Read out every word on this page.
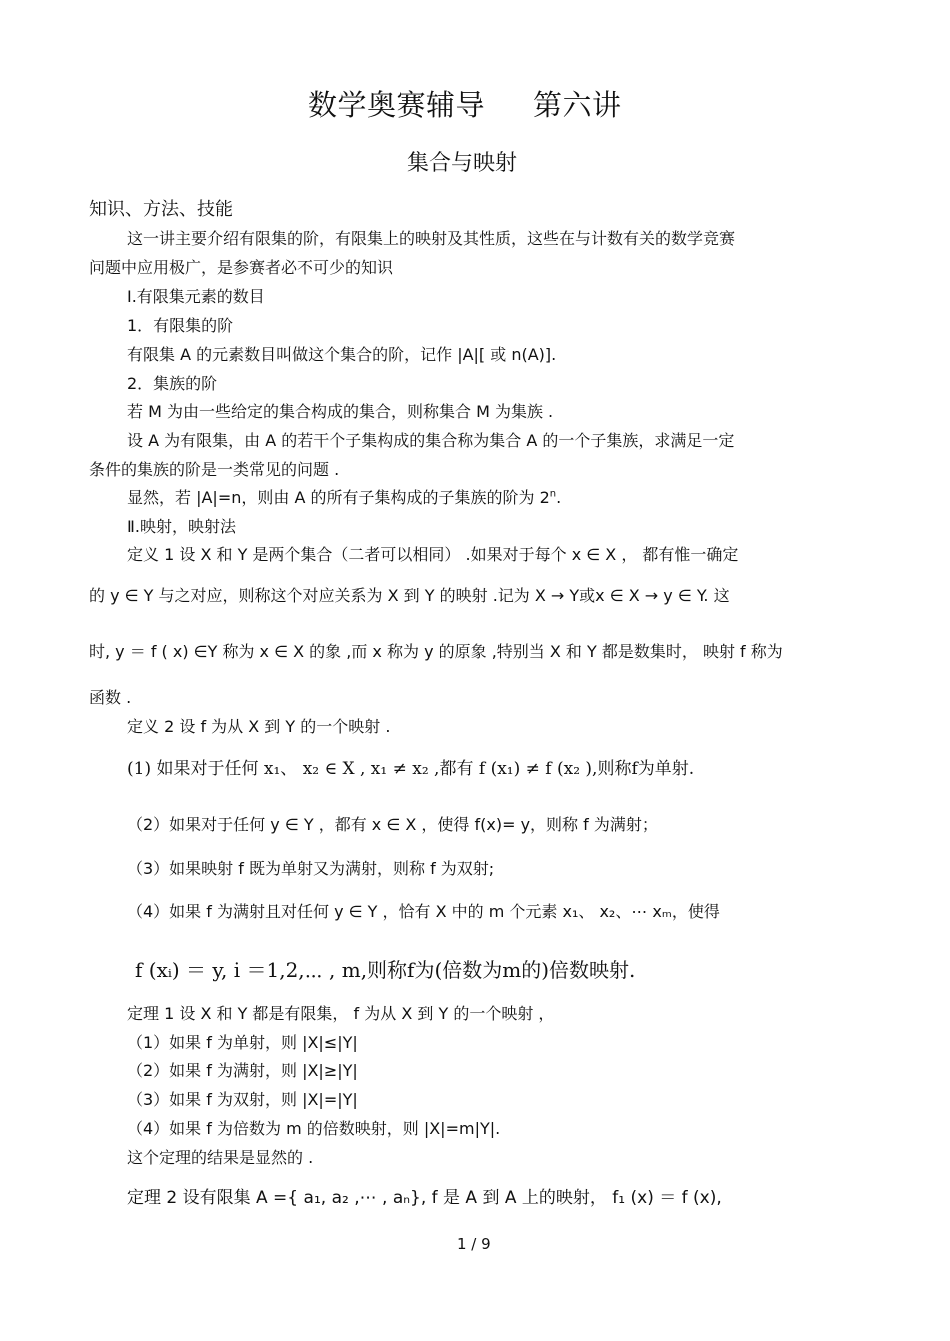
数学奥赛辅导 第六讲
集合与映射
知识、方法、技能
这一讲主要介绍有限集的阶，有限集上的映射及其性质，这些在与计数有关的数学竞赛
问题中应用极广，是参赛者必不可少的知识
Ⅰ.有限集元素的数目
1．有限集的阶
有限集 A 的元素数目叫做这个集合的阶，记作 |A|[ 或 n(A)].
2．集族的阶
若 M 为由一些给定的集合构成的集合，则称集合 M 为集族 .
设 A 为有限集，由 A 的若干个子集构成的集合称为集合 A 的一个子集族，求满足一定
条件的集族的阶是一类常见的问题 .
显然，若 |A|=n，则由 A 的所有子集构成的子集族的阶为 2$^n$.
Ⅱ.映射，映射法
定义 1 设 X 和 Y 是两个集合（二者可以相同） .如果对于每个 x ∈ X ， 都有惟一确定
的 y ∈ Y 与之对应，则称这个对应关系为 X 到 Y 的映射 .记为 X → Y或x ∈ X → y ∈ Y. 这
时, y ＝ f ( x) ∈Y 称为 x ∈ X 的象 ,而 x 称为 y 的原象 ,特别当 X 和 Y 都是数集时， 映射 f 称为
函数 .
定义 2 设 f 为从 X 到 Y 的一个映射 .
(1) 如果对于任何 x₁、 x₂ ∈ X , x₁ ≠ x₂ ,都有 f (x₁) ≠ f (x₂ ),则称f为单射.
（2）如果对于任何 y ∈ Y ，都有 x ∈ X ，使得 f(x)= y，则称 f 为满射；
（3）如果映射 f 既为单射又为满射，则称 f 为双射;
（4）如果 f 为满射且对任何 y ∈ Y ，恰有 X 中的 m 个元素 x₁、 x₂、⋯ xₘ，使得
f (xᵢ) ＝ y, i ＝1,2,⋯ , m,则称f为(倍数为m的)倍数映射.
定理 1 设 X 和 Y 都是有限集， f 为从 X 到 Y 的一个映射 ，
（1）如果 f 为单射，则 |X|≤|Y|
（2）如果 f 为满射，则 |X|≥|Y|
（3）如果 f 为双射，则 |X|=|Y|
（4）如果 f 为倍数为 m 的倍数映射，则 |X|=m|Y|.
这个定理的结果是显然的 .
定理 2 设有限集 A ={ a₁, a₂ ,⋯ , aₙ}, f 是 A 到 A 上的映射， f₁ (x) ＝ f (x),
1 / 9
